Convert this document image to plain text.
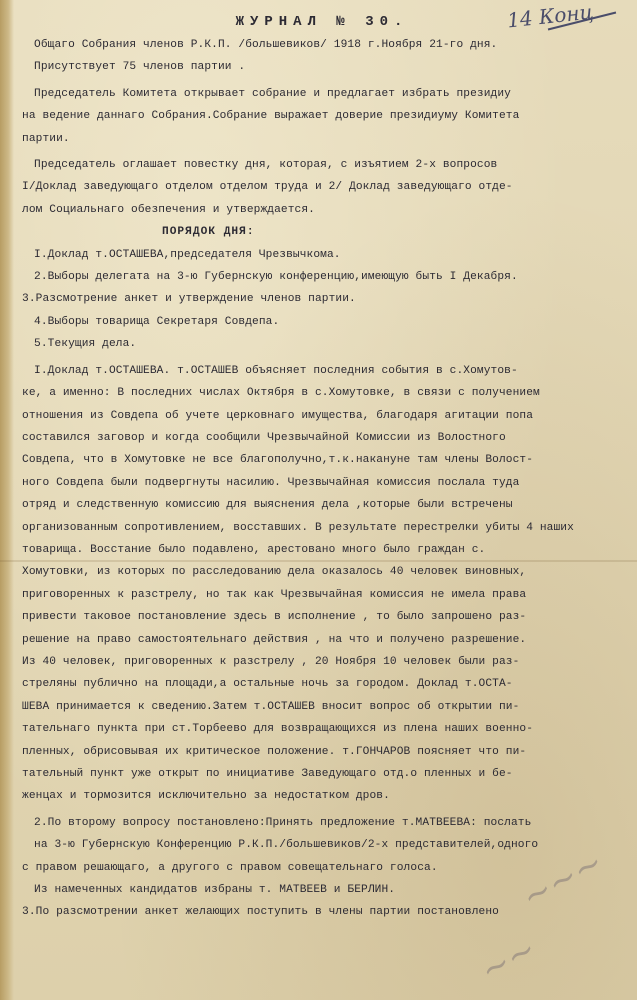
14 Конц
~~~
~~
ЖУРНАЛ № 30.

Общаго Собрания членов Р.К.П. /большевиков/ 1918 г.Ноября 21-го дня.

Присутствует 75 членов партии .

Председатель Комитета открывает собрание и предлагает избрать президиу

на ведение даннаго Собрания.Собрание выражает доверие президиуму Комитета

партии.

Председатель оглашает повестку дня, которая, с изъятием 2-х вопросов

I/Доклад заведующаго отделом отделом труда и 2/ Доклад заведующаго отде-

лом Социальнаго обезпечения и утверждается.

ПОРЯДОК ДНЯ:

I.Доклад т.ОСТАШЕВА,председателя Чрезвычкома.

2.Выборы делегата на 3-ю Губернскую конференцию,имеющую быть I Декабря.

3.Разсмотрение анкет и утверждение членов партии.

4.Выборы товарища Секретаря Совдепа.

5.Текущия дела.

I.Доклад т.ОСТАШЕВА. т.ОСТАШЕВ объясняет последния события в с.Хомутов-

ке, а именно: В последних числах Октября в с.Хомутовке, в связи с получением

отношения из Совдепа об учете церковнаго имущества, благодаря агитации попа

составился заговор и когда сообщили Чрезвычайной Комиссии из Волостного

Совдепа, что в Хомутовке не все благополучно,т.к.накануне там члены Волост-

ного Совдепа были подвергнуты насилию. Чрезвычайная комиссия послала туда

отряд и следственную комиссию для выяснения дела ,которые были встречены

организованным сопротивлением, восставших. В результате перестрелки убиты 4 наших

товарища. Восстание было подавлено, арестовано много было граждан с.

Хомутовки, из которых по расследованию дела оказалось 40 человек виновных,

приговоренных к разстрелу, но так как Чрезвычайная комиссия не имела права

привести таковое постановление здесь в исполнение , то было запрошено раз-

решение на право самостоятельнаго действия , на что и получено разрешение.

Из 40 человек, приговоренных к разстрелу , 20 Ноября 10 человек были раз-

стреляны публично на площади,а остальные ночь за городом. Доклад т.ОСТА-

ШЕВА принимается к сведению.Затем т.ОСТАШЕВ вносит вопрос об открытии пи-

тательнаго пункта при ст.Торбеево для возвращающихся из плена наших военно-

пленных, обрисовывая их критическое положение. т.ГОНЧАРОВ поясняет что пи-

тательный пункт уже открыт по инициативе Заведующаго отд.о пленных и бе-

женцах и тормозится исключительно за недостатком дров.

2.По второму вопросу постановлено:Принять предложение т.МАТВЕЕВА: послать

на 3-ю Губернскую Конференцию Р.К.П./большевиков/2-х представителей,одного

с правом решающаго, а другого с правом совещательнаго голоса.

Из намеченных кандидатов избраны т. МАТВЕЕВ и БЕРЛИН.

3.По разсмотрении анкет желающих поступить в члены партии постановлено
